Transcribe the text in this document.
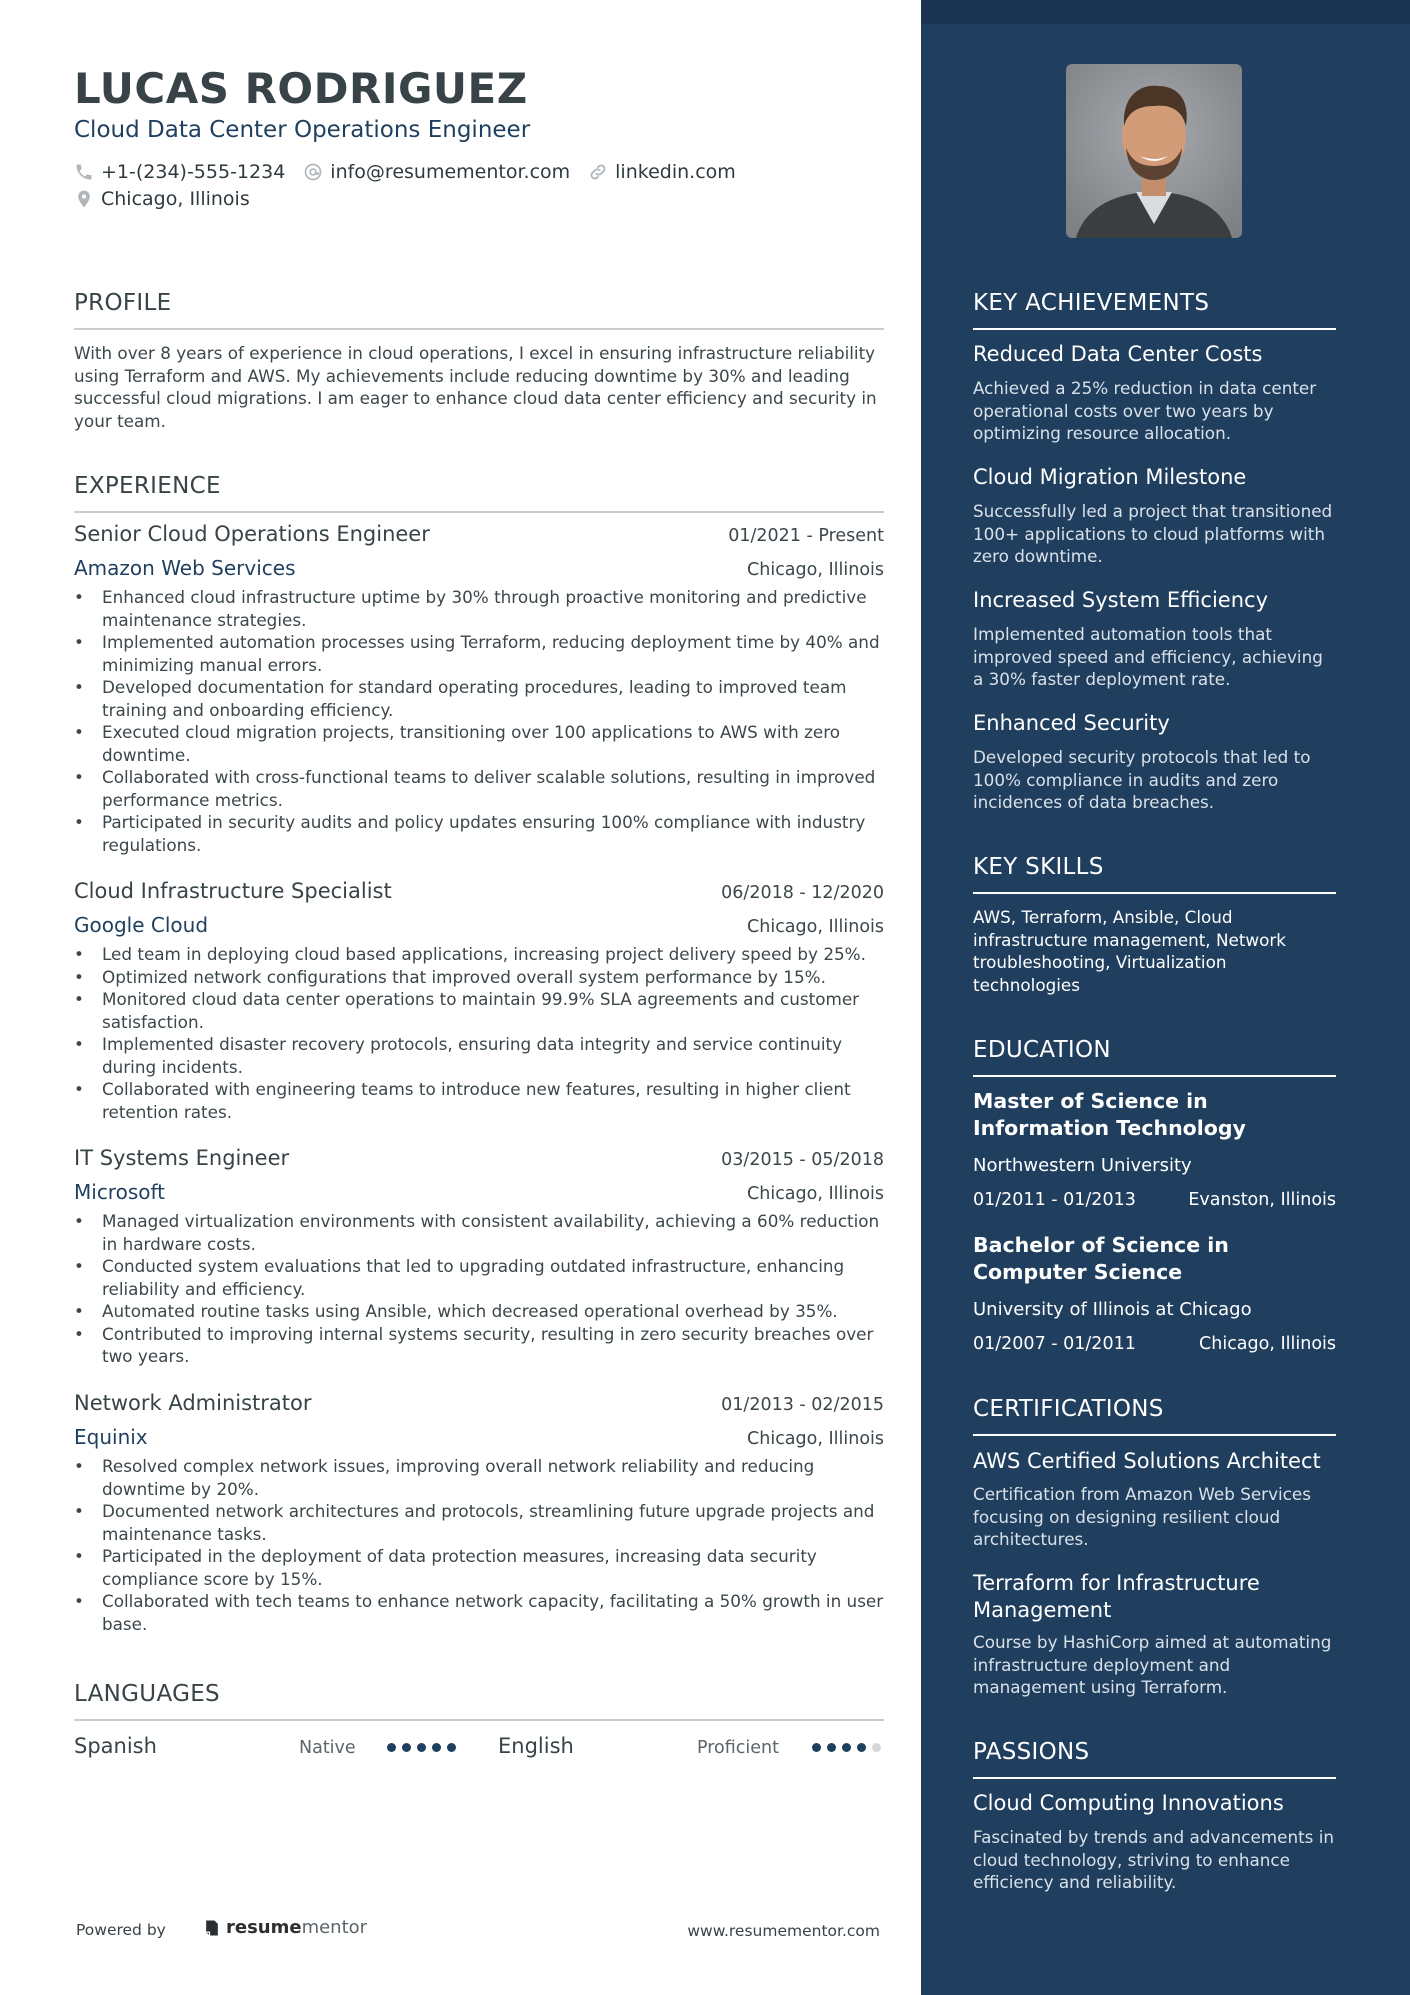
LUCAS RODRIGUEZ
Cloud Data Center Operations Engineer
+1-(234)-555-1234 info@resumementor.com linkedin.com
Chicago, Illinois
PROFILE
With over 8 years of experience in cloud operations, I excel in ensuring infrastructure reliability using Terraform and AWS. My achievements include reducing downtime by 30% and leading successful cloud migrations. I am eager to enhance cloud data center efficiency and security in your team.
EXPERIENCE
Senior Cloud Operations Engineer	01/2021 - Present
Amazon Web Services	Chicago, Illinois
• Enhanced cloud infrastructure uptime by 30% through proactive monitoring and predictive maintenance strategies.
• Implemented automation processes using Terraform, reducing deployment time by 40% and minimizing manual errors.
• Developed documentation for standard operating procedures, leading to improved team training and onboarding efficiency.
• Executed cloud migration projects, transitioning over 100 applications to AWS with zero downtime.
• Collaborated with cross-functional teams to deliver scalable solutions, resulting in improved performance metrics.
• Participated in security audits and policy updates ensuring 100% compliance with industry regulations.
Cloud Infrastructure Specialist	06/2018 - 12/2020
Google Cloud	Chicago, Illinois
• Led team in deploying cloud based applications, increasing project delivery speed by 25%.
• Optimized network configurations that improved overall system performance by 15%.
• Monitored cloud data center operations to maintain 99.9% SLA agreements and customer satisfaction.
• Implemented disaster recovery protocols, ensuring data integrity and service continuity during incidents.
• Collaborated with engineering teams to introduce new features, resulting in higher client retention rates.
IT Systems Engineer	03/2015 - 05/2018
Microsoft	Chicago, Illinois
• Managed virtualization environments with consistent availability, achieving a 60% reduction in hardware costs.
• Conducted system evaluations that led to upgrading outdated infrastructure, enhancing reliability and efficiency.
• Automated routine tasks using Ansible, which decreased operational overhead by 35%.
• Contributed to improving internal systems security, resulting in zero security breaches over two years.
Network Administrator	01/2013 - 02/2015
Equinix	Chicago, Illinois
• Resolved complex network issues, improving overall network reliability and reducing downtime by 20%.
• Documented network architectures and protocols, streamlining future upgrade projects and maintenance tasks.
• Participated in the deployment of data protection measures, increasing data security compliance score by 15%.
• Collaborated with tech teams to enhance network capacity, facilitating a 50% growth in user base.
LANGUAGES
Spanish	Native	English	Proficient
Powered by	resume mentor	www.resumementor.com
KEY ACHIEVEMENTS
Reduced Data Center Costs
Achieved a 25% reduction in data center operational costs over two years by optimizing resource allocation.
Cloud Migration Milestone
Successfully led a project that transitioned 100+ applications to cloud platforms with zero downtime.
Increased System Efficiency
Implemented automation tools that improved speed and efficiency, achieving a 30% faster deployment rate.
Enhanced Security
Developed security protocols that led to 100% compliance in audits and zero incidences of data breaches.
KEY SKILLS
AWS, Terraform, Ansible, Cloud infrastructure management, Network troubleshooting, Virtualization technologies
EDUCATION
Master of Science in Information Technology
Northwestern University
01/2011 - 01/2013	Evanston, Illinois
Bachelor of Science in Computer Science
University of Illinois at Chicago
01/2007 - 01/2011	Chicago, Illinois
CERTIFICATIONS
AWS Certified Solutions Architect
Certification from Amazon Web Services focusing on designing resilient cloud architectures.
Terraform for Infrastructure Management
Course by HashiCorp aimed at automating infrastructure deployment and management using Terraform.
PASSIONS
Cloud Computing Innovations
Fascinated by trends and advancements in cloud technology, striving to enhance efficiency and reliability.
